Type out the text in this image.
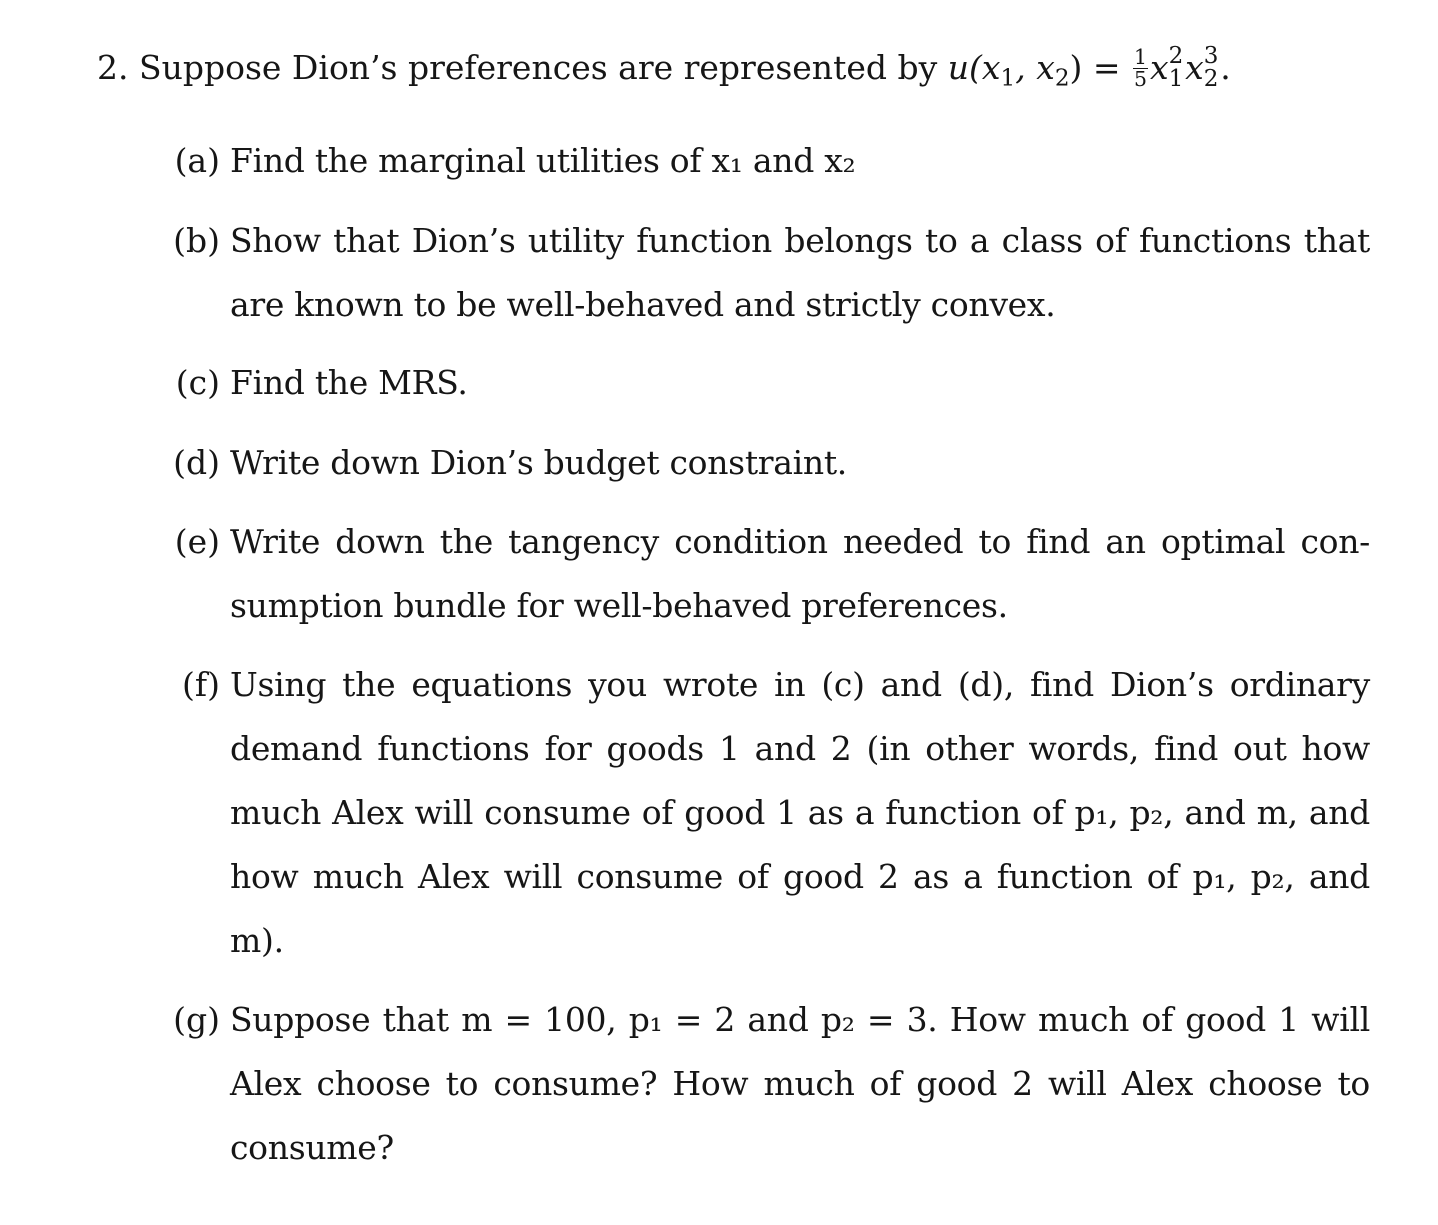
2. Suppose Dion’s preferences are represented by $u(x_1$, $x_2) = \frac{1}{5}$ x 2
1 x 3
2 .
(a) Find the marginal utilities of x₁ and x₂
(b) Show that Dion’s utility function belongs to a class of functions that
are known to be well-behaved and strictly convex.
(c) Find the MRS.
(d) Write down Dion’s budget constraint.
(e) Write down the tangency condition needed to find an optimal con-
sumption bundle for well-behaved preferences.
(f) Using the equations you wrote in (c) and (d), find Dion’s ordinary
demand functions for goods 1 and 2 (in other words, find out how
much Alex will consume of good 1 as a function of p₁, p₂, and m, and
how much Alex will consume of good 2 as a function of p₁, p₂, and
m).
(g) Suppose that m = 100, p₁ = 2 and p₂ = 3. How much of good 1 will
Alex choose to consume? How much of good 2 will Alex choose to
consume?
